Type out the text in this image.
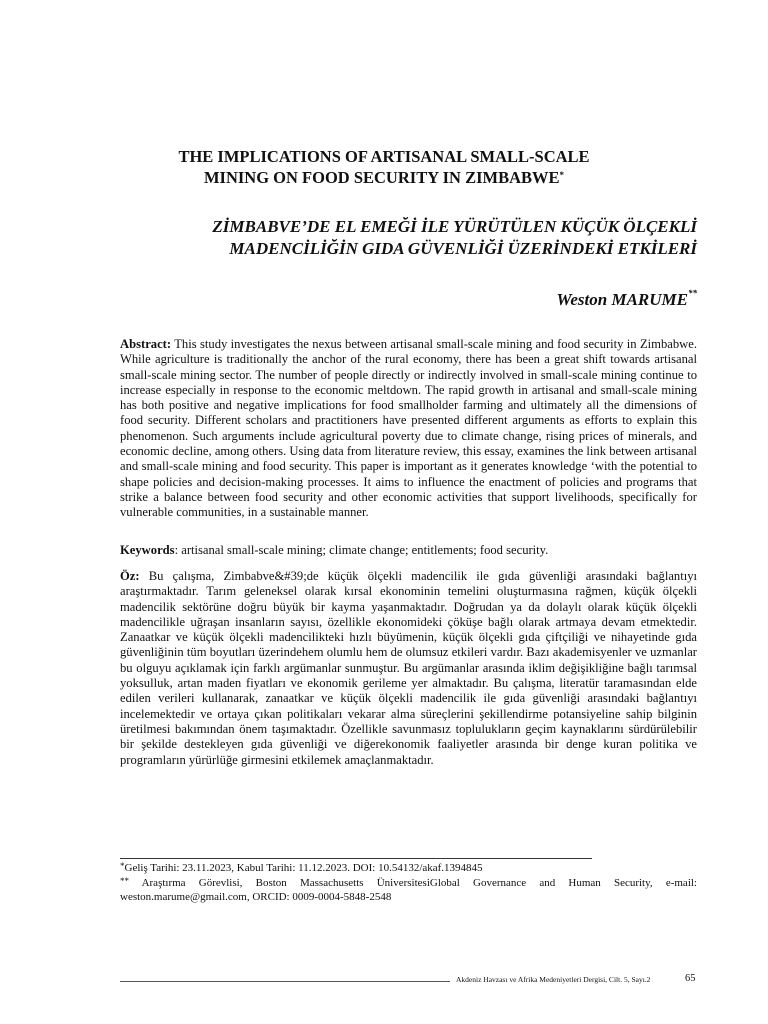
THE IMPLICATIONS OF ARTISANAL SMALL-SCALE
MINING ON FOOD SECURITY IN ZIMBABWE*
ZİMBABVE’DE EL EMEĞİ İLE YÜRÜTÜLEN KÜÇÜK ÖLÇEKLİ
MADENCİLİĞİN GIDA GÜVENLİĞİ ÜZERİNDEKİ ETKİLERİ
Weston MARUME**

Abstract: This study investigates the nexus between artisanal small-scale mining and food security in Zimbabwe. While agriculture is traditionally the anchor of the rural economy, there has been a great shift towards artisanal small-scale mining sector. The number of people directly or indirectly involved in small-scale mining continue to increase especially in response to the economic meltdown. The rapid growth in artisanal and small-scale mining has both positive and negative implications for food smallholder farming and ultimately all the dimensions of food security. Different scholars and practitioners have presented different arguments as efforts to explain this phenomenon. Such arguments include agricultural poverty due to climate change, rising prices of minerals, and economic decline, among others. Using data from literature review, this essay, examines the link between artisanal and small-scale mining and food security. This paper is important as it generates knowledge ‘with the potential to shape policies and decision-making processes. It aims to influence the enactment of policies and programs that strike a balance between food security and other economic activities that support livelihoods, specifically for vulnerable communities, in a sustainable manner.

Keywords: artisanal small-scale mining; climate change; entitlements; food security.

Öz: Bu çalışma, Zimbabve&#39;de küçük ölçekli madencilik ile gıda güvenliği arasındaki bağlantıyı araştırmaktadır. Tarım geleneksel olarak kırsal ekonominin temelini oluşturmasına rağmen, küçük ölçekli madencilik sektörüne doğru büyük bir kayma yaşanmaktadır. Doğrudan ya da dolaylı olarak küçük ölçekli madencilikle uğraşan insanların sayısı, özellikle ekonomideki çöküşe bağlı olarak artmaya devam etmektedir. Zanaatkar ve küçük ölçekli madencilikteki hızlı büyümenin, küçük ölçekli gıda çiftçiliği ve nihayetinde gıda güvenliğinin tüm boyutları üzerindehem olumlu hem de olumsuz etkileri vardır. Bazı akademisyenler ve uzmanlar bu olguyu açıklamak için farklı argümanlar sunmuştur. Bu argümanlar arasında iklim değişikliğine bağlı tarımsal yoksulluk, artan maden fiyatları ve ekonomik gerileme yer almaktadır. Bu çalışma, literatür taramasından elde edilen verileri kullanarak, zanaatkar ve küçük ölçekli madencilik ile gıda güvenliği arasındaki bağlantıyı incelemektedir ve ortaya çıkan politikaları vekarar alma süreçlerini şekillendirme potansiyeline sahip bilginin üretilmesi bakımından önem taşımaktadır. Özellikle savunmasız toplulukların geçim kaynaklarını sürdürülebilir bir şekilde destekleyen gıda güvenliği ve diğerekonomik faaliyetler arasında bir denge kuran politika ve programların yürürlüğe girmesini etkilemek amaçlanmaktadır.

*Geliş Tarihi: 23.11.2023, Kabul Tarihi: 11.12.2023. DOI: 10.54132/akaf.1394845
** Araştırma Görevlisi, Boston Massachusetts ÜniversitesiGlobal Governance and Human Security, e-mail: weston.marume@gmail.com, ORCID: 0009-0004-5848-2548
Akdeniz Havzası ve Afrika Medeniyetleri Dergisi, Cilt. 5, Sayı.2	65
